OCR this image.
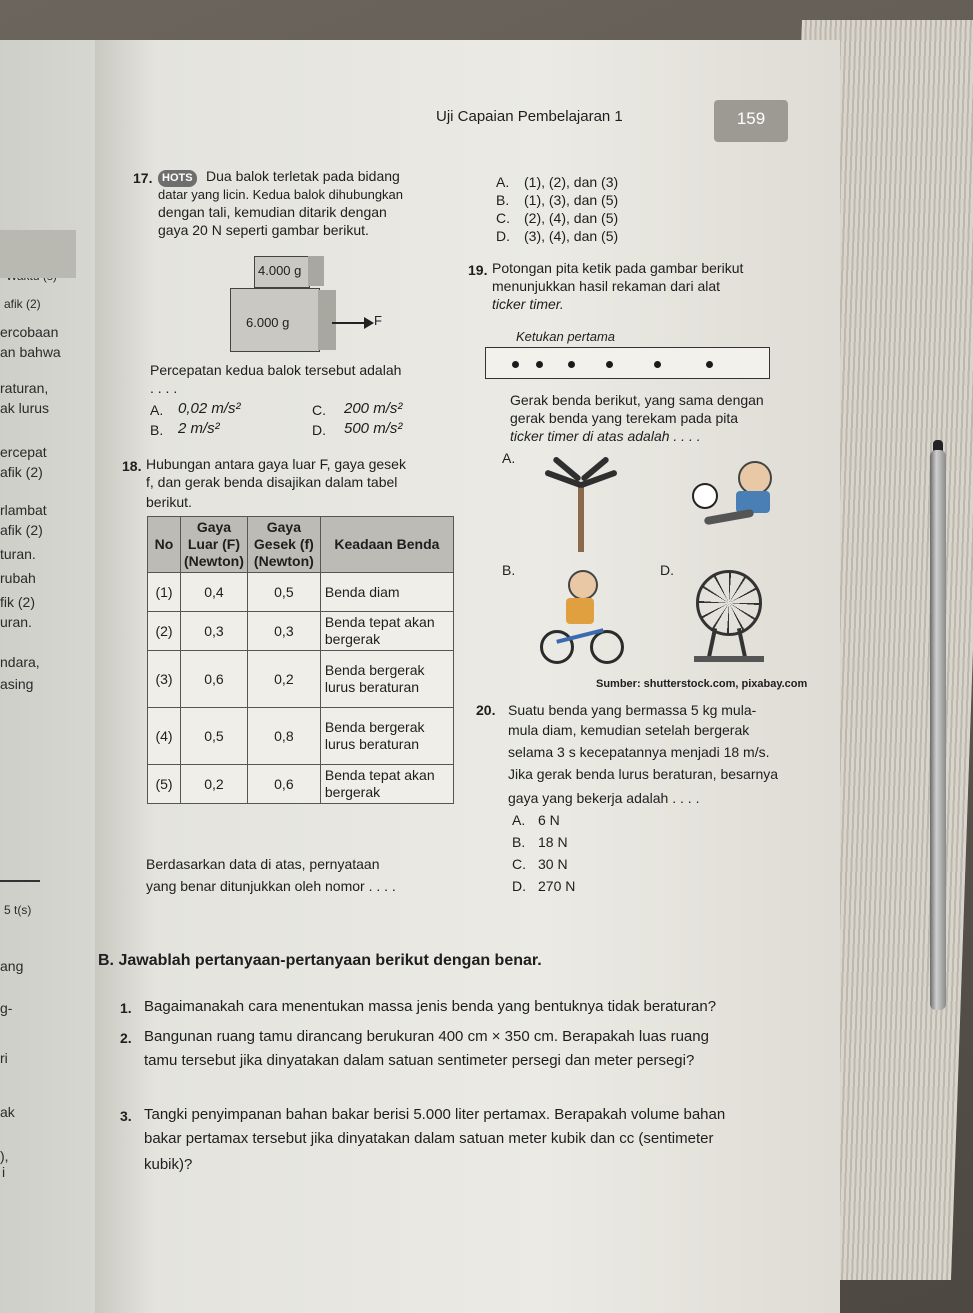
afik (2)
ercobaan
an bahwa
raturan,
ak lurus
ercepat
afik (2)
rlambat
afik (2)
turan.
rubah
fik (2)
uran.
ndara,
asing
5 t(s)
ang
g-
ri
ak
),
i
Uji Capaian Pembelajaran 1	159
17. HOTS Dua balok terletak pada bidang
datar yang licin. Kedua balok dihubungkan
dengan tali, kemudian ditarik dengan
gaya 20 N seperti gambar berikut.
4.000 g
6.000 g	F
Percepatan kedua balok tersebut adalah
. . . .
A. 0,02 m/s²
B. 2 m/s²
C. 200 m/s²
D. 500 m/s²
18. Hubungan antara gaya luar F, gaya gesek
f, dan gerak benda disajikan dalam tabel
berikut.
No	Gaya Luar (F) (Newton)	Gaya Gesek (f) (Newton)	Keadaan Benda
(1)	0,4	0,5	Benda diam
(2)	0,3	0,3	Benda tepat akan bergerak
(3)	0,6	0,2	Benda bergerak lurus beraturan
(4)	0,5	0,8	Benda bergerak lurus beraturan
(5)	0,2	0,6	Benda tepat akan bergerak
Berdasarkan data di atas, pernyataan
yang benar ditunjukkan oleh nomor . . . .
A. (1), (2), dan (3)
B. (1), (3), dan (5)
C. (2), (4), dan (5)
D. (3), (4), dan (5)
19. Potongan pita ketik pada gambar berikut
menunjukkan hasil rekaman dari alat
ticker timer.
Ketukan pertama
Gerak benda berikut, yang sama dengan
gerak benda yang terekam pada pita
ticker timer di atas adalah . . . .
A.
B.	D.
Sumber: shutterstock.com, pixabay.com
20. Suatu benda yang bermassa 5 kg mula-
mula diam, kemudian setelah bergerak
selama 3 s kecepatannya menjadi 18 m/s.
Jika gerak benda lurus beraturan, besarnya
gaya yang bekerja adalah . . . .
A. 6 N
B. 18 N
C. 30 N
D. 270 N
B. Jawablah pertanyaan-pertanyaan berikut dengan benar.
1. Bagaimanakah cara menentukan massa jenis benda yang bentuknya tidak beraturan?
2. Bangunan ruang tamu dirancang berukuran 400 cm × 350 cm. Berapakah luas ruang
tamu tersebut jika dinyatakan dalam satuan sentimeter persegi dan meter persegi?
3. Tangki penyimpanan bahan bakar berisi 5.000 liter pertamax. Berapakah volume bahan
bakar pertamax tersebut jika dinyatakan dalam satuan meter kubik dan cc (sentimeter
kubik)?
